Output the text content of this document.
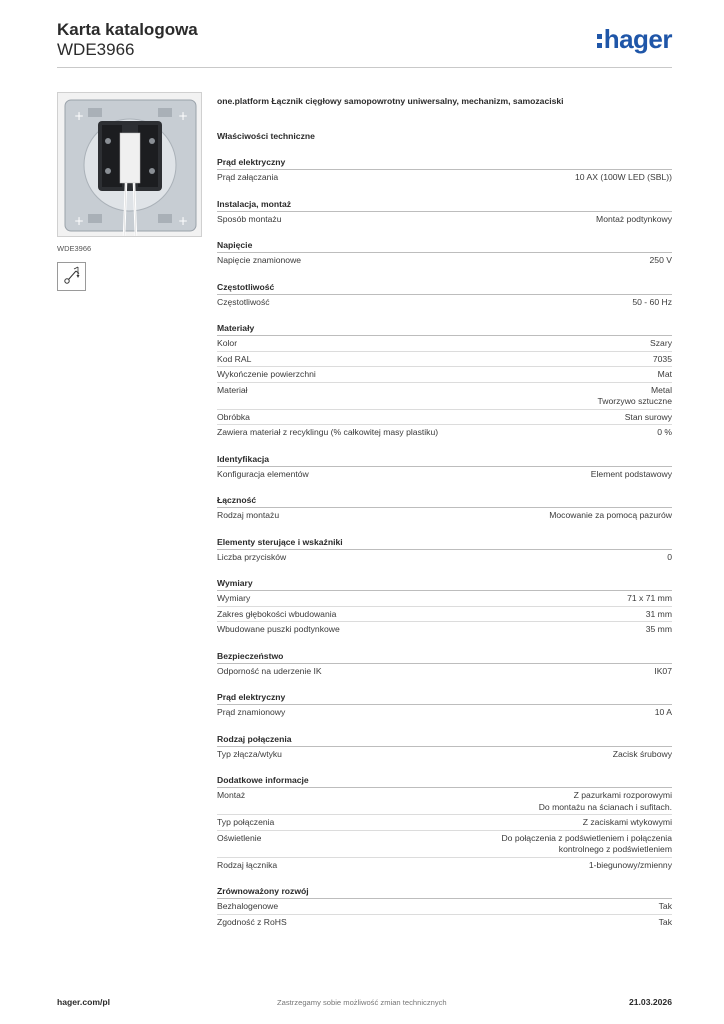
Karta katalogowa
WDE3966	hager
+	+
+	+
WDE3966
one.platform Łącznik cięgłowy samopowrotny uniwersalny, mechanizm, samozaciski
Właściwości techniczne
Prąd elektryczny
Prąd załączania	10 AX (100W LED (SBL))
Instalacja, montaż
Sposób montażu	Montaż podtynkowy
Napięcie
Napięcie znamionowe	250 V
Częstotliwość
Częstotliwość	50 - 60 Hz
Materiały
Kolor	Szary
Kod RAL	7035
Wykończenie powierzchni	Mat
Materiał	Metal
Tworzywo sztuczne
Obróbka	Stan surowy
Zawiera materiał z recyklingu (% całkowitej masy plastiku)	0 %
Identyfikacja
Konfiguracja elementów	Element podstawowy
Łączność
Rodzaj montażu	Mocowanie za pomocą pazurów
Elementy sterujące i wskaźniki
Liczba przycisków	0
Wymiary
Wymiary	71 x 71 mm
Zakres głębokości wbudowania	31 mm
Wbudowane puszki podtynkowe	35 mm
Bezpieczeństwo
Odporność na uderzenie IK	IK07
Prąd elektryczny
Prąd znamionowy	10 A
Rodzaj połączenia
Typ złącza/wtyku	Zacisk śrubowy
Dodatkowe informacje
Montaż	Z pazurkami rozporowymi
Do montażu na ścianach i sufitach.
Typ połączenia	Z zaciskami wtykowymi
Oświetlenie	Do połączenia z podświetleniem i połączenia
kontrolnego z podświetleniem
Rodzaj łącznika	1-biegunowy/zmienny
Zrównoważony rozwój
Bezhalogenowe	Tak
Zgodność z RoHS	Tak
hager.com/pl	Zastrzegamy sobie możliwość zmian technicznych	21.03.2026
